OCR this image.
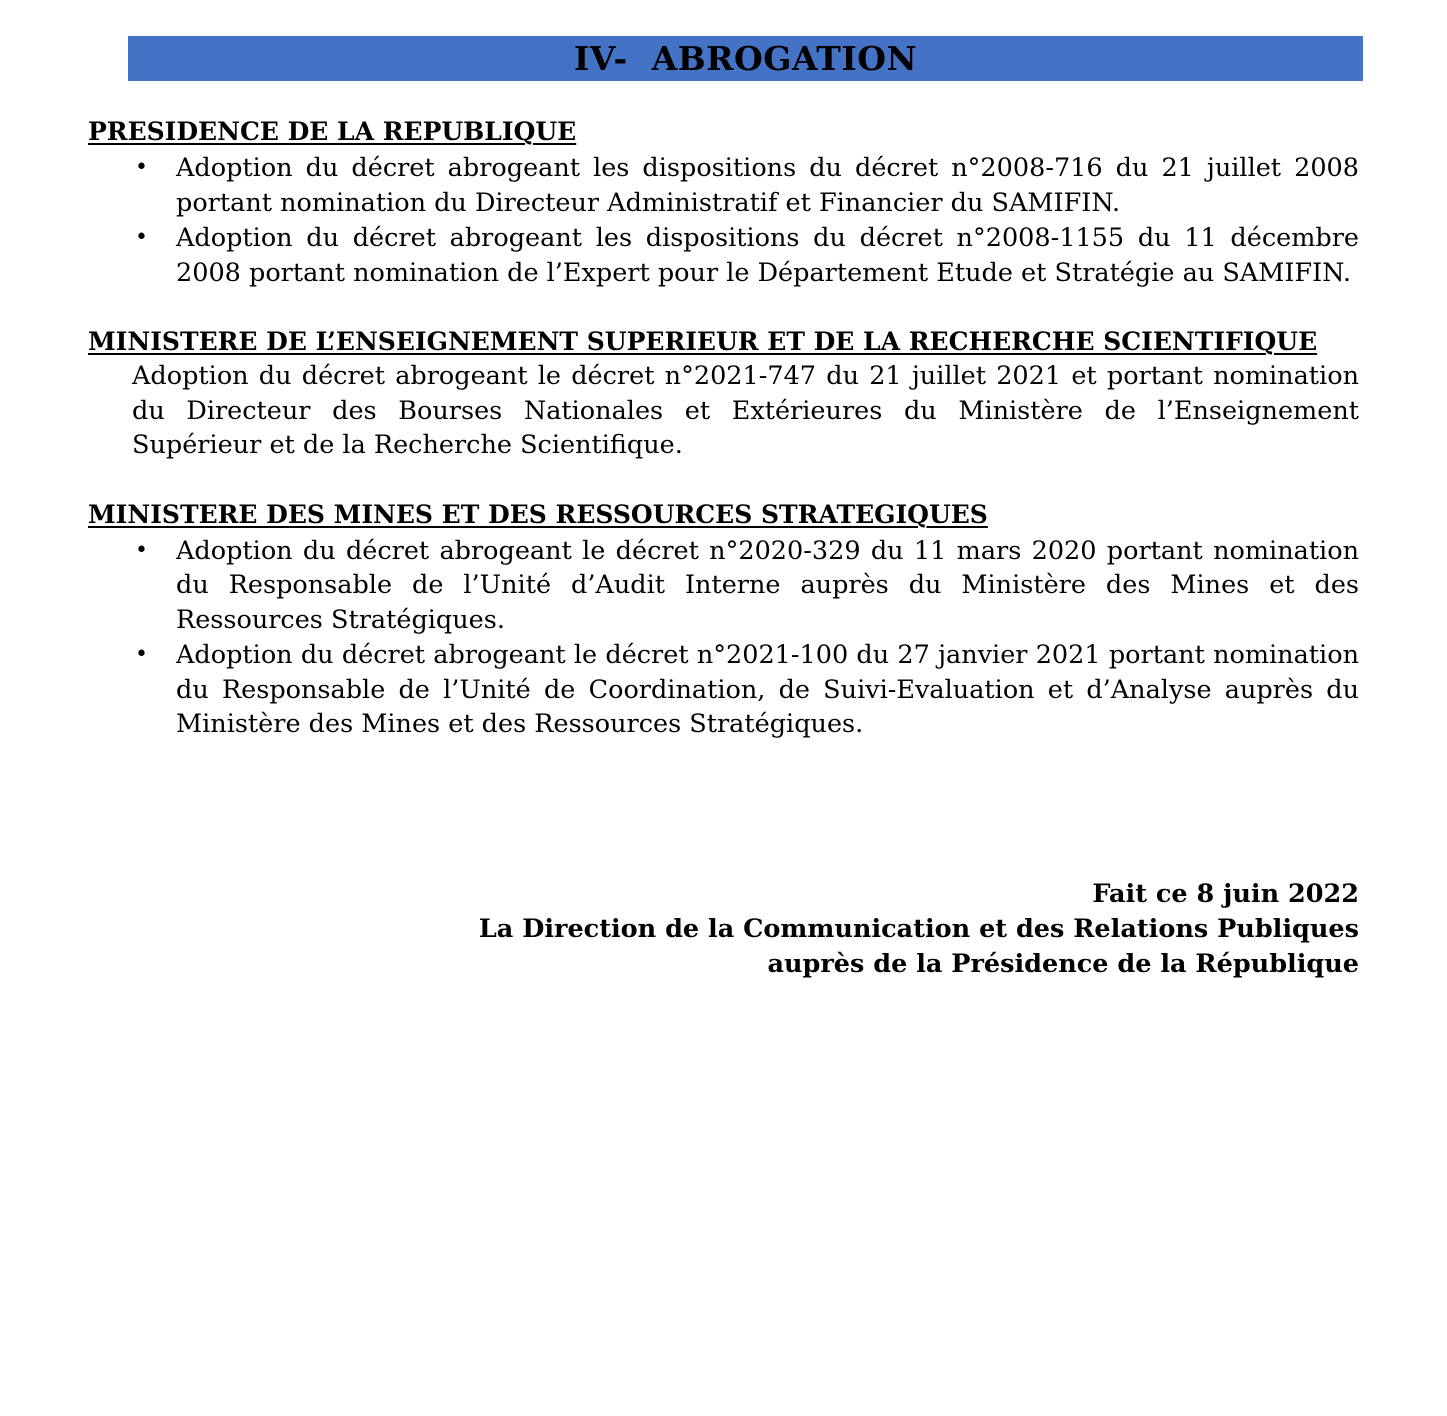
IV-  ABROGATION

PRESIDENCE DE LA REPUBLIQUE

• Adoption du décret abrogeant les dispositions du décret n°2008-716 du 21 juillet 2008 portant nomination du Directeur Administratif et Financier du SAMIFIN.
• Adoption du décret abrogeant les dispositions du décret n°2008-1155 du 11 décembre 2008 portant nomination de l’Expert pour le Département Etude et Stratégie au SAMIFIN.

MINISTERE DE L’ENSEIGNEMENT SUPERIEUR ET DE LA RECHERCHE SCIENTIFIQUE

Adoption du décret abrogeant le décret n°2021-747 du 21 juillet 2021 et portant nomination du Directeur des Bourses Nationales et Extérieures du Ministère de l’Enseignement Supérieur et de la Recherche Scientifique.

MINISTERE DES MINES ET DES RESSOURCES STRATEGIQUES

• Adoption du décret abrogeant le décret n°2020-329 du 11 mars 2020 portant nomination du Responsable de l’Unité d’Audit Interne auprès du Ministère des Mines et des Ressources Stratégiques.
• Adoption du décret abrogeant le décret n°2021-100 du 27 janvier 2021 portant nomination du Responsable de l’Unité de Coordination, de Suivi-Evaluation et d’Analyse auprès du Ministère des Mines et des Ressources Stratégiques.
Fait ce 8 juin 2022
La Direction de la Communication et des Relations Publiques
auprès de la Présidence de la République
